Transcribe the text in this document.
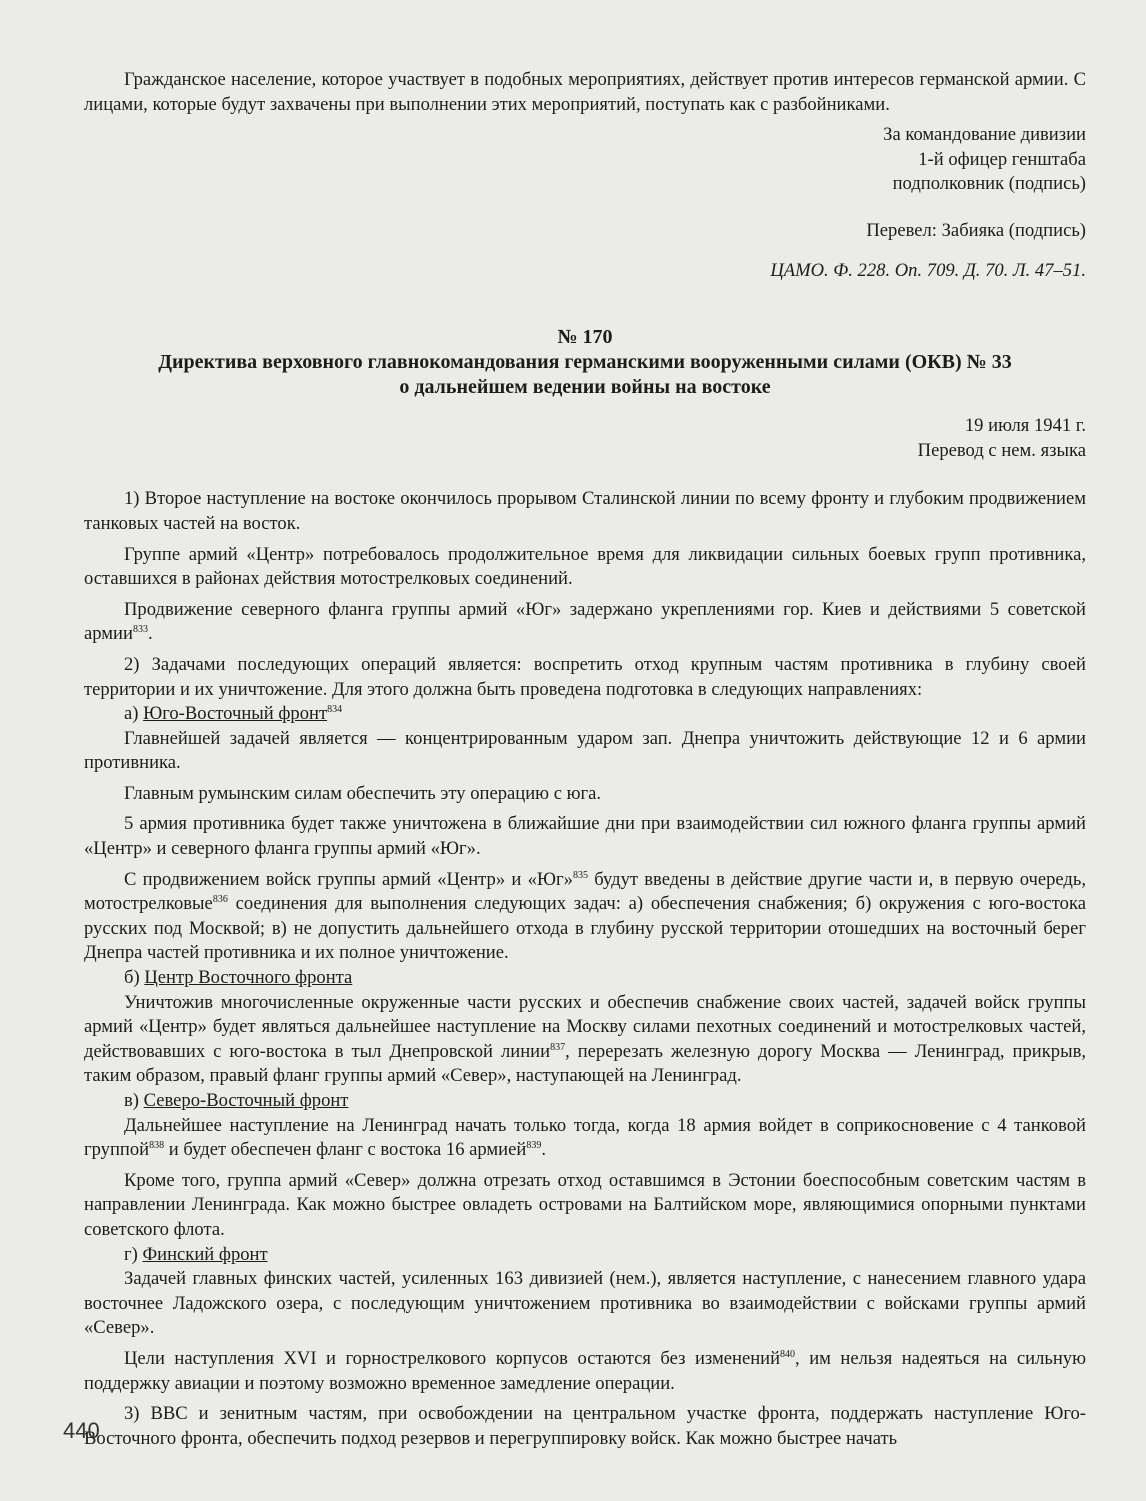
Гражданское население, которое участвует в подобных мероприятиях, действует против интересов германской армии. С лицами, которые будут захвачены при выполнении этих мероприятий, поступать как с разбойниками.

За командование дивизии

1-й офицер генштаба

подполковник (подпись)

Перевел: Забияка (подпись)

ЦАМО. Ф. 228. Оп. 709. Д. 70. Л. 47–51.

№ 170
Директива верховного главнокомандования германскими вооруженными силами (ОКВ) № 33
о дальнейшем ведении войны на востоке

19 июля 1941 г.

Перевод с нем. языка

1) Второе наступление на востоке окончилось прорывом Сталинской линии по всему фронту и глубоким продвижением танковых частей на восток.

Группе армий «Центр» потребовалось продолжительное время для ликвидации сильных боевых групп противника, оставшихся в районах действия мотострелковых соединений.

Продвижение северного фланга группы армий «Юг» задержано укреплениями гор. Киев и действиями 5 советской армии$^{833}$.

2) Задачами последующих операций является: воспретить отход крупным частям противника в глубину своей территории и их уничтожение. Для этого должна быть проведена подготовка в следующих направлениях:

а) Юго-Восточный фронт$^{834}$

Главнейшей задачей является — концентрированным ударом зап. Днепра уничтожить действующие 12 и 6 армии противника.

Главным румынским силам обеспечить эту операцию с юга.

5 армия противника будет также уничтожена в ближайшие дни при взаимодействии сил южного фланга группы армий «Центр» и северного фланга группы армий «Юг».

С продвижением войск группы армий «Центр» и «Юг»$^{835}$ будут введены в действие другие части и, в первую очередь, мотострелковые$^{836}$ соединения для выполнения следующих задач: а) обеспечения снабжения; б) окружения с юго-востока русских под Москвой; в) не допустить дальнейшего отхода в глубину русской территории отошедших на восточный берег Днепра частей противника и их полное уничтожение.

б) Центр Восточного фронта

Уничтожив многочисленные окруженные части русских и обеспечив снабжение своих частей, задачей войск группы армий «Центр» будет являться дальнейшее наступление на Москву силами пехотных соединений и мотострелковых частей, действовавших с юго-востока в тыл Днепровской линии$^{837}$, перерезать железную дорогу Москва — Ленинград, прикрыв, таким образом, правый фланг группы армий «Север», наступающей на Ленинград.

в) Северо-Восточный фронт

Дальнейшее наступление на Ленинград начать только тогда, когда 18 армия войдет в соприкосновение с 4 танковой группой$^{838}$ и будет обеспечен фланг с востока 16 армией$^{839}$.

Кроме того, группа армий «Север» должна отрезать отход оставшимся в Эстонии боеспособным советским частям в направлении Ленинграда. Как можно быстрее овладеть островами на Балтийском море, являющимися опорными пунктами советского флота.

г) Финский фронт

Задачей главных финских частей, усиленных 163 дивизией (нем.), является наступление, с нанесением главного удара восточнее Ладожского озера, с последующим уничтожением противника во взаимодействии с войсками группы армий «Север».

Цели наступления XVI и горнострелкового корпусов остаются без изменений$^{840}$, им нельзя надеяться на сильную поддержку авиации и поэтому возможно временное замедление операции.

3) ВВС и зенитным частям, при освобождении на центральном участке фронта, поддержать наступление Юго-Восточного фронта, обеспечить подход резервов и перегруппировку войск. Как можно быстрее начать

440
